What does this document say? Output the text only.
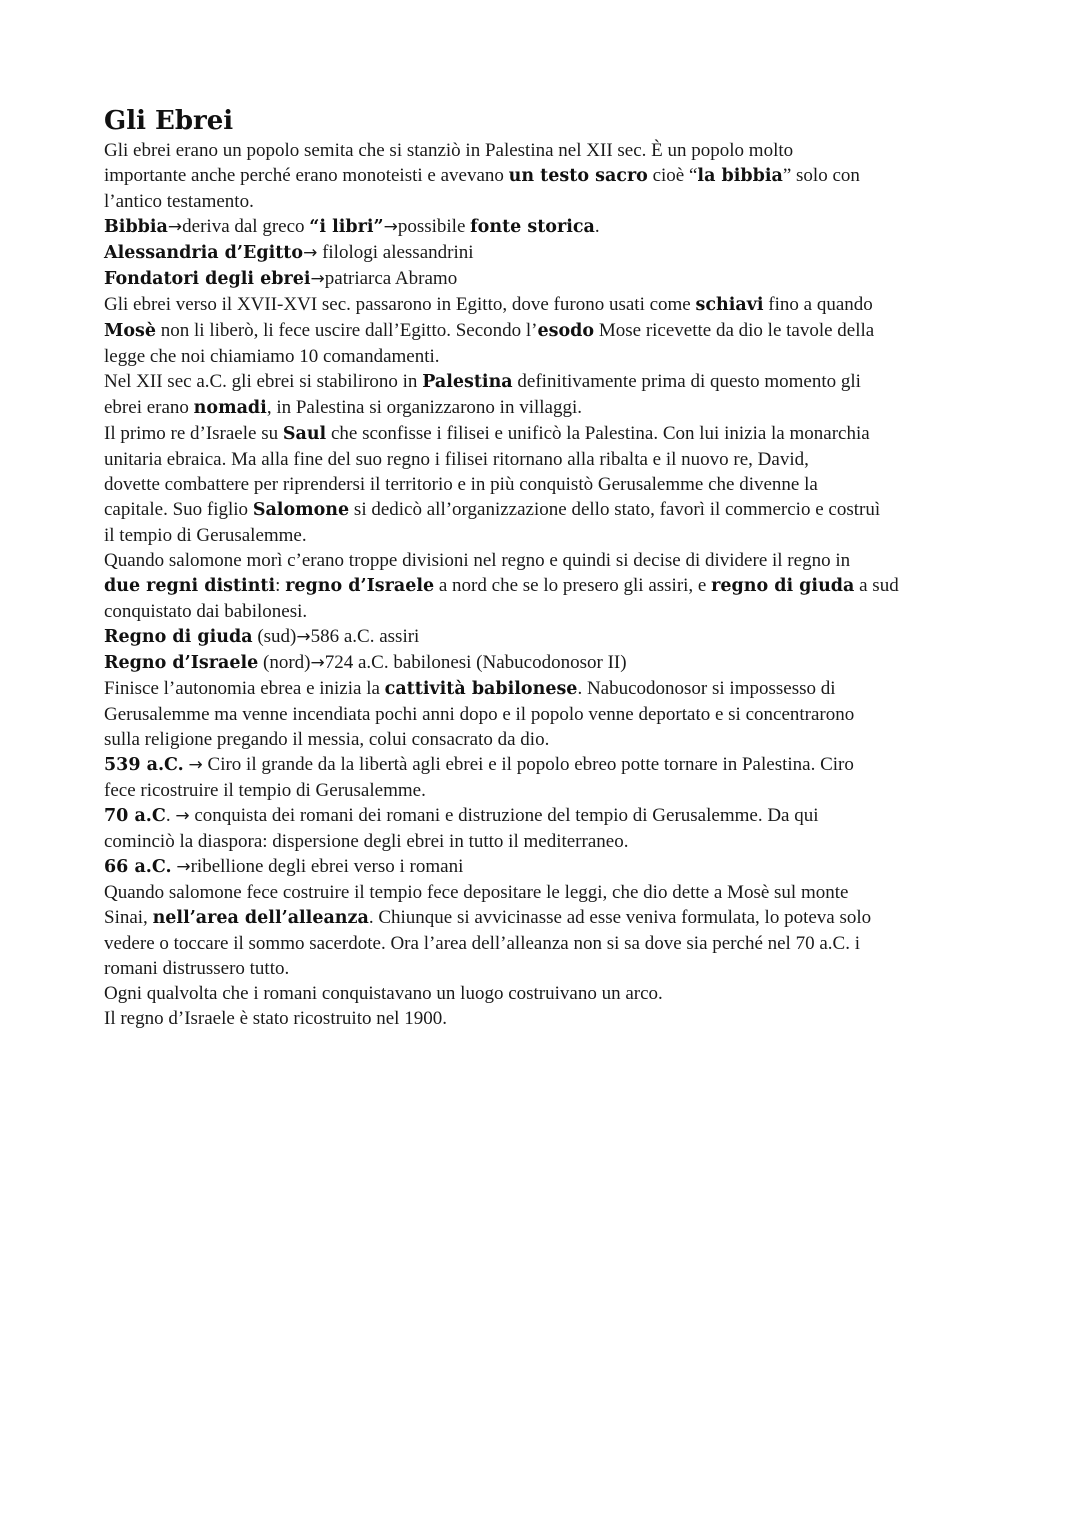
Gli Ebrei

Gli ebrei erano un popolo semita che si stanziò in Palestina nel XII sec. È un popolo molto

importante anche perché erano monoteisti e avevano un testo sacro cioè “la bibbia” solo con

l’antico testamento.

Bibbia→deriva dal greco “i libri”→possibile fonte storica.

Alessandria d’Egitto→ filologi alessandrini

Fondatori degli ebrei→patriarca Abramo

Gli ebrei verso il XVII-XVI sec. passarono in Egitto, dove furono usati come schiavi fino a quando

Mosè non li liberò, li fece uscire dall’Egitto. Secondo l’esodo Mose ricevette da dio le tavole della

legge che noi chiamiamo 10 comandamenti.

Nel XII sec a.C. gli ebrei si stabilirono in Palestina definitivamente prima di questo momento gli

ebrei erano nomadi, in Palestina si organizzarono in villaggi.

Il primo re d’Israele su Saul che sconfisse i filisei e unificò la Palestina. Con lui inizia la monarchia

unitaria ebraica. Ma alla fine del suo regno i filisei ritornano alla ribalta e il nuovo re, David,

dovette combattere per riprendersi il territorio e in più conquistò Gerusalemme che divenne la

capitale. Suo figlio Salomone si dedicò all’organizzazione dello stato, favorì il commercio e costruì

il tempio di Gerusalemme.

Quando salomone morì c’erano troppe divisioni nel regno e quindi si decise di dividere il regno in

due regni distinti: regno d’Israele a nord che se lo presero gli assiri, e regno di giuda a sud

conquistato dai babilonesi.

Regno di giuda (sud)→586 a.C. assiri

Regno d’Israele (nord)→724 a.C. babilonesi (Nabucodonosor II)

Finisce l’autonomia ebrea e inizia la cattività babilonese. Nabucodonosor si impossesso di

Gerusalemme ma venne incendiata pochi anni dopo e il popolo venne deportato e si concentrarono

sulla religione pregando il messia, colui consacrato da dio.

539 a.C. → Ciro il grande da la libertà agli ebrei e il popolo ebreo potte tornare in Palestina. Ciro

fece ricostruire il tempio di Gerusalemme.

70 a.C. → conquista dei romani dei romani e distruzione del tempio di Gerusalemme. Da qui

cominciò la diaspora: dispersione degli ebrei in tutto il mediterraneo.

66 a.C. →ribellione degli ebrei verso i romani

Quando salomone fece costruire il tempio fece depositare le leggi, che dio dette a Mosè sul monte

Sinai, nell’area dell’alleanza. Chiunque si avvicinasse ad esse veniva formulata, lo poteva solo

vedere o toccare il sommo sacerdote. Ora l’area dell’alleanza non si sa dove sia perché nel 70 a.C. i

romani distrussero tutto.

Ogni qualvolta che i romani conquistavano un luogo costruivano un arco.

Il regno d’Israele è stato ricostruito nel 1900.
